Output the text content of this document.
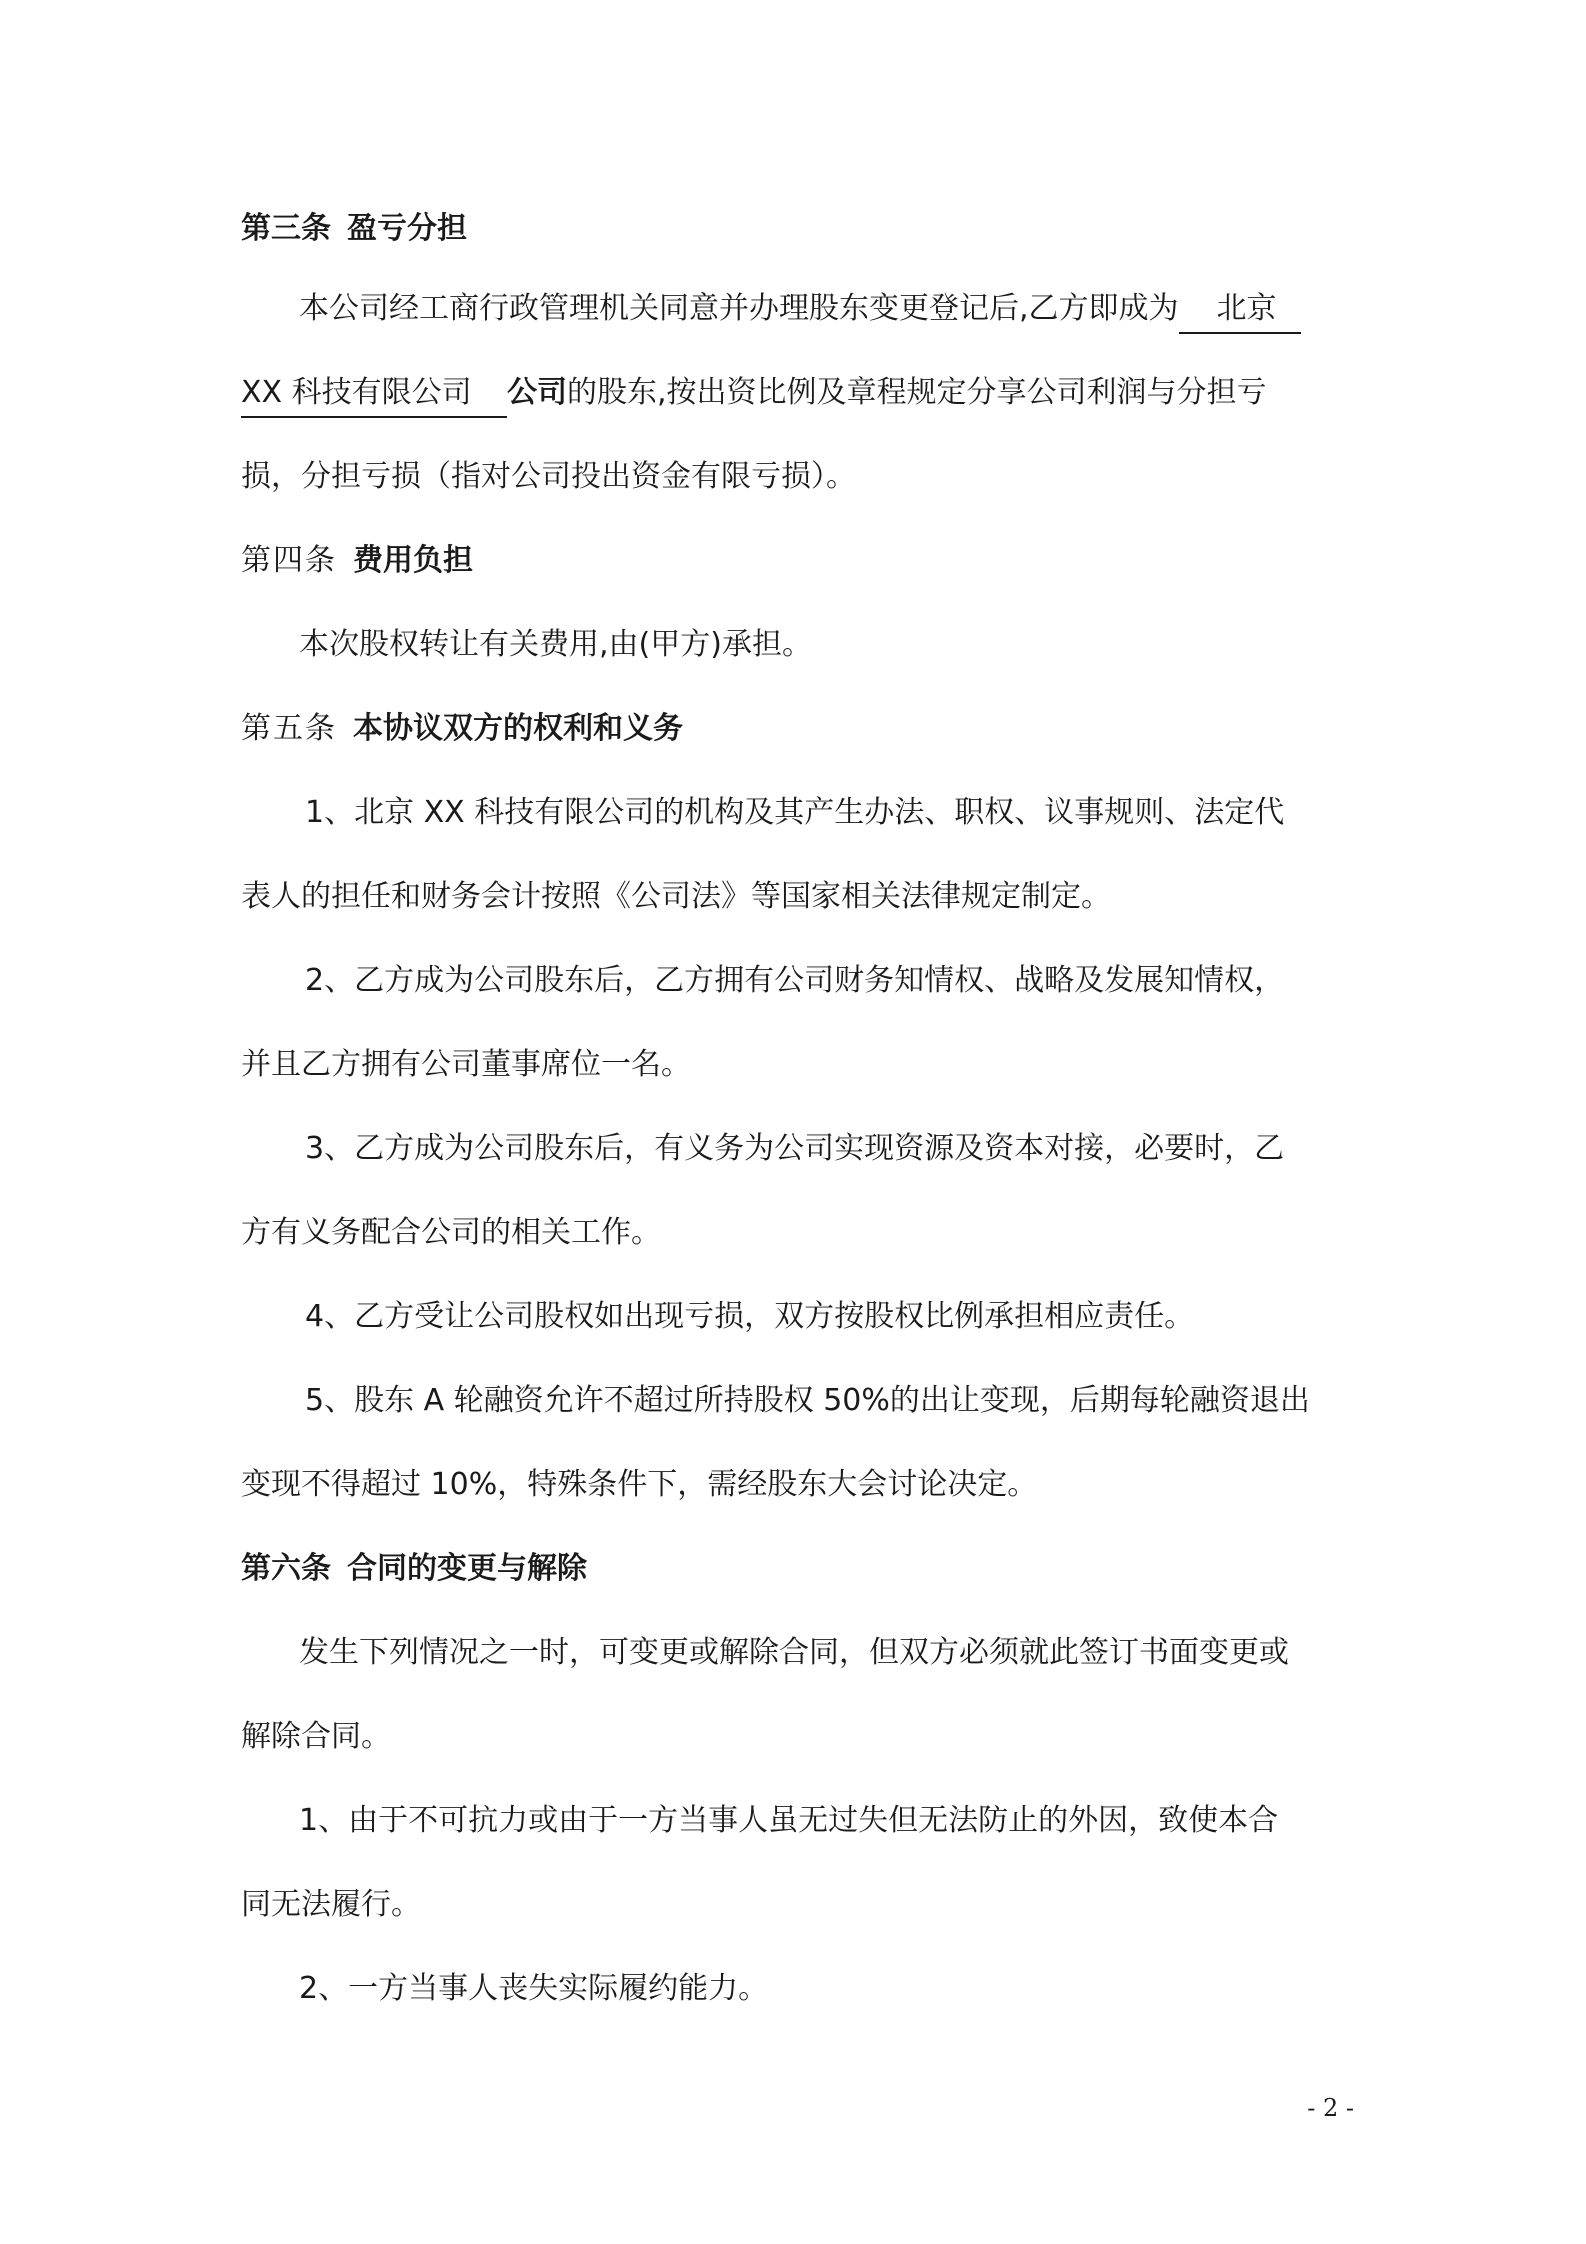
第三条 盈亏分担
本公司经工商行政管理机关同意并办理股东变更登记后,乙方即成为 北京
XX 科技有限公司 公司的股东,按出资比例及章程规定分享公司利润与分担亏
损，分担亏损（指对公司投出资金有限亏损）。
第四条 费用负担
本次股权转让有关费用,由(甲方)承担。
第五条 本协议双方的权利和义务
1、北京 XX 科技有限公司的机构及其产生办法、职权、议事规则、法定代
表人的担任和财务会计按照《公司法》等国家相关法律规定制定。
2、乙方成为公司股东后，乙方拥有公司财务知情权、战略及发展知情权，
并且乙方拥有公司董事席位一名。
3、乙方成为公司股东后，有义务为公司实现资源及资本对接，必要时，乙
方有义务配合公司的相关工作。
4、乙方受让公司股权如出现亏损，双方按股权比例承担相应责任。
5、股东 A 轮融资允许不超过所持股权 50%的出让变现，后期每轮融资退出
变现不得超过 10%，特殊条件下，需经股东大会讨论决定。
第六条 合同的变更与解除
发生下列情况之一时，可变更或解除合同，但双方必须就此签订书面变更或
解除合同。
1、由于不可抗力或由于一方当事人虽无过失但无法防止的外因，致使本合
同无法履行。
2、一方当事人丧失实际履约能力。
- 2 -
